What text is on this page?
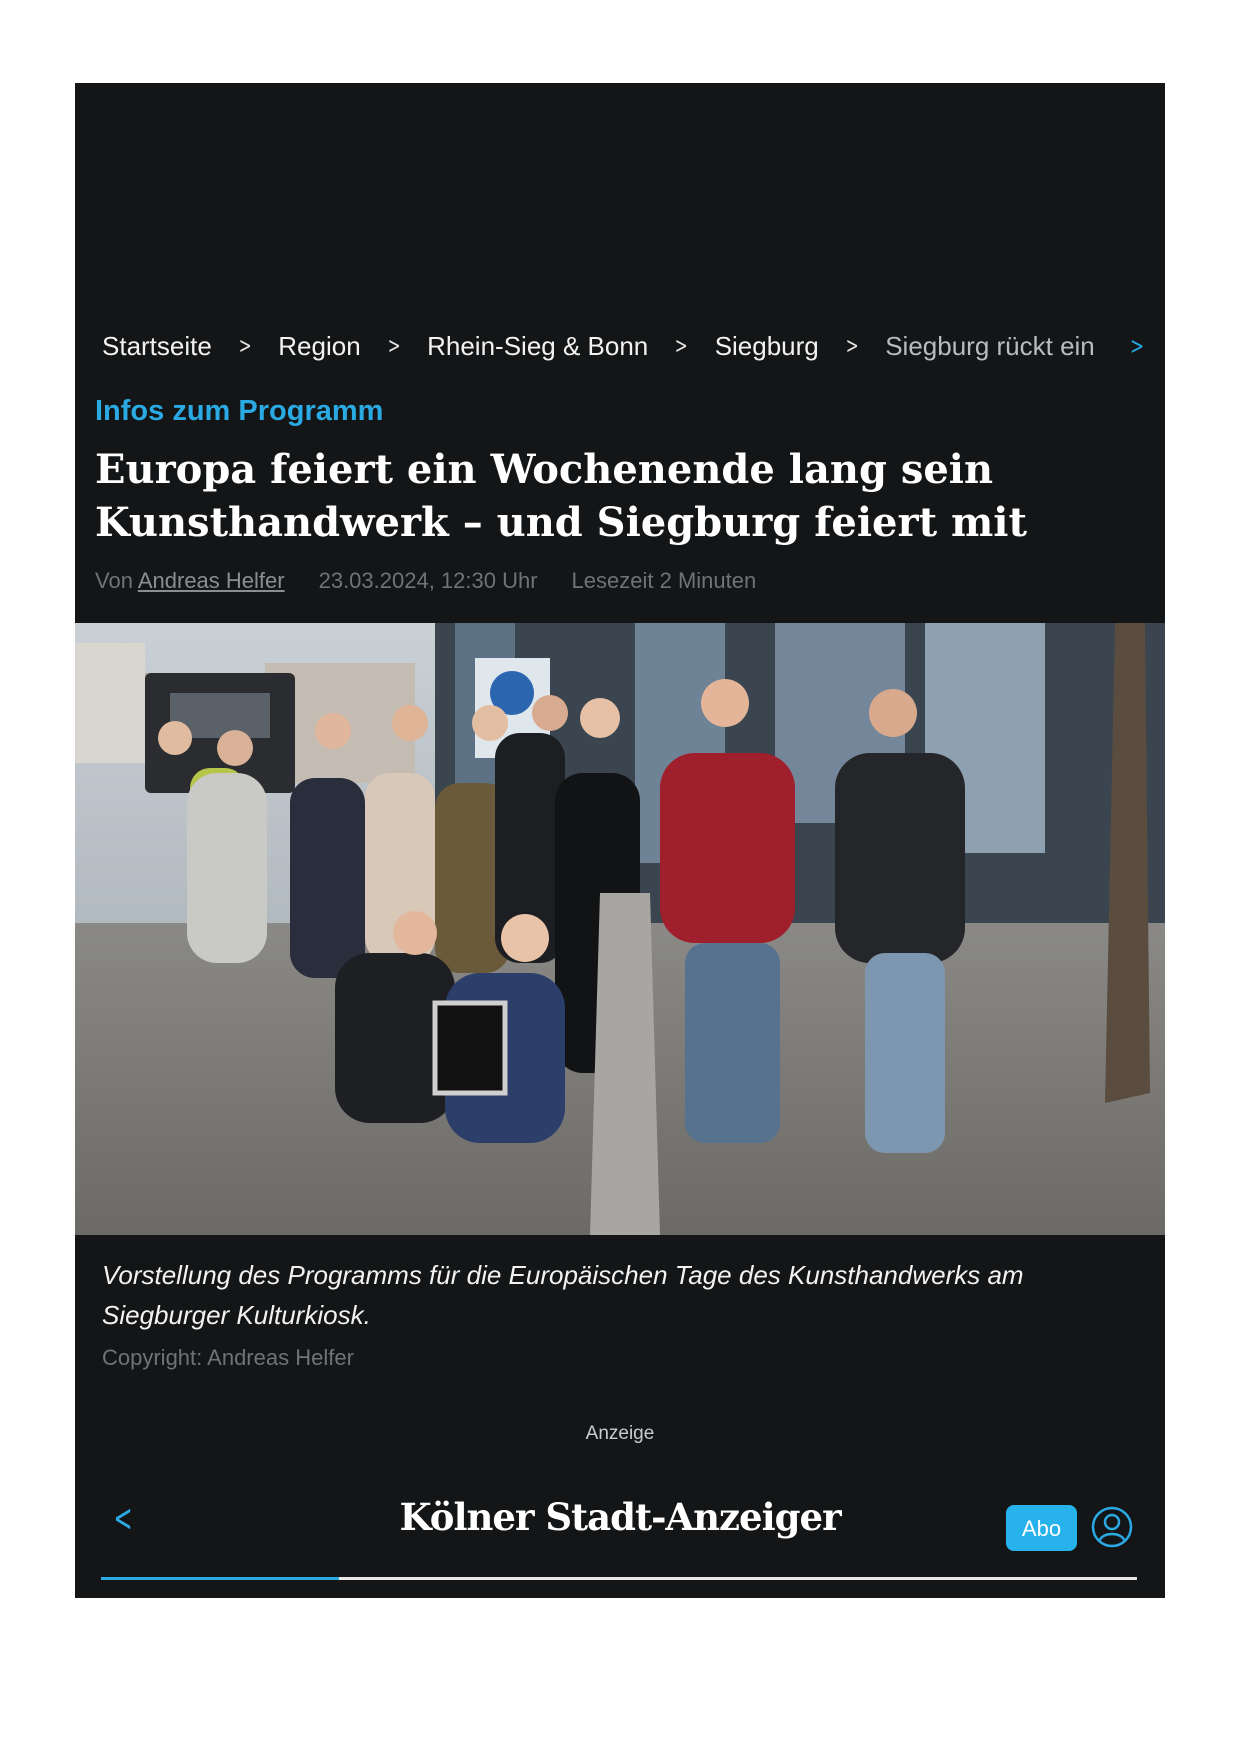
Startseite > Region > Rhein-Sieg & Bonn > Siegburg > Siegburg rückt ein >
Infos zum Programm
Europa feiert ein Wochenende lang sein
Kunsthandwerk – und Siegburg feiert mit
Von Andreas Helfer 23.03.2024, 12:30 Uhr Lesezeit 2 Minuten

Vorstellung des Programms für die Europäischen Tage des Kunsthandwerks am Siegburger Kulturkiosk.

Copyright: Andreas Helfer
Anzeige
<	Kölner Stadt-Anzeiger	Abo
